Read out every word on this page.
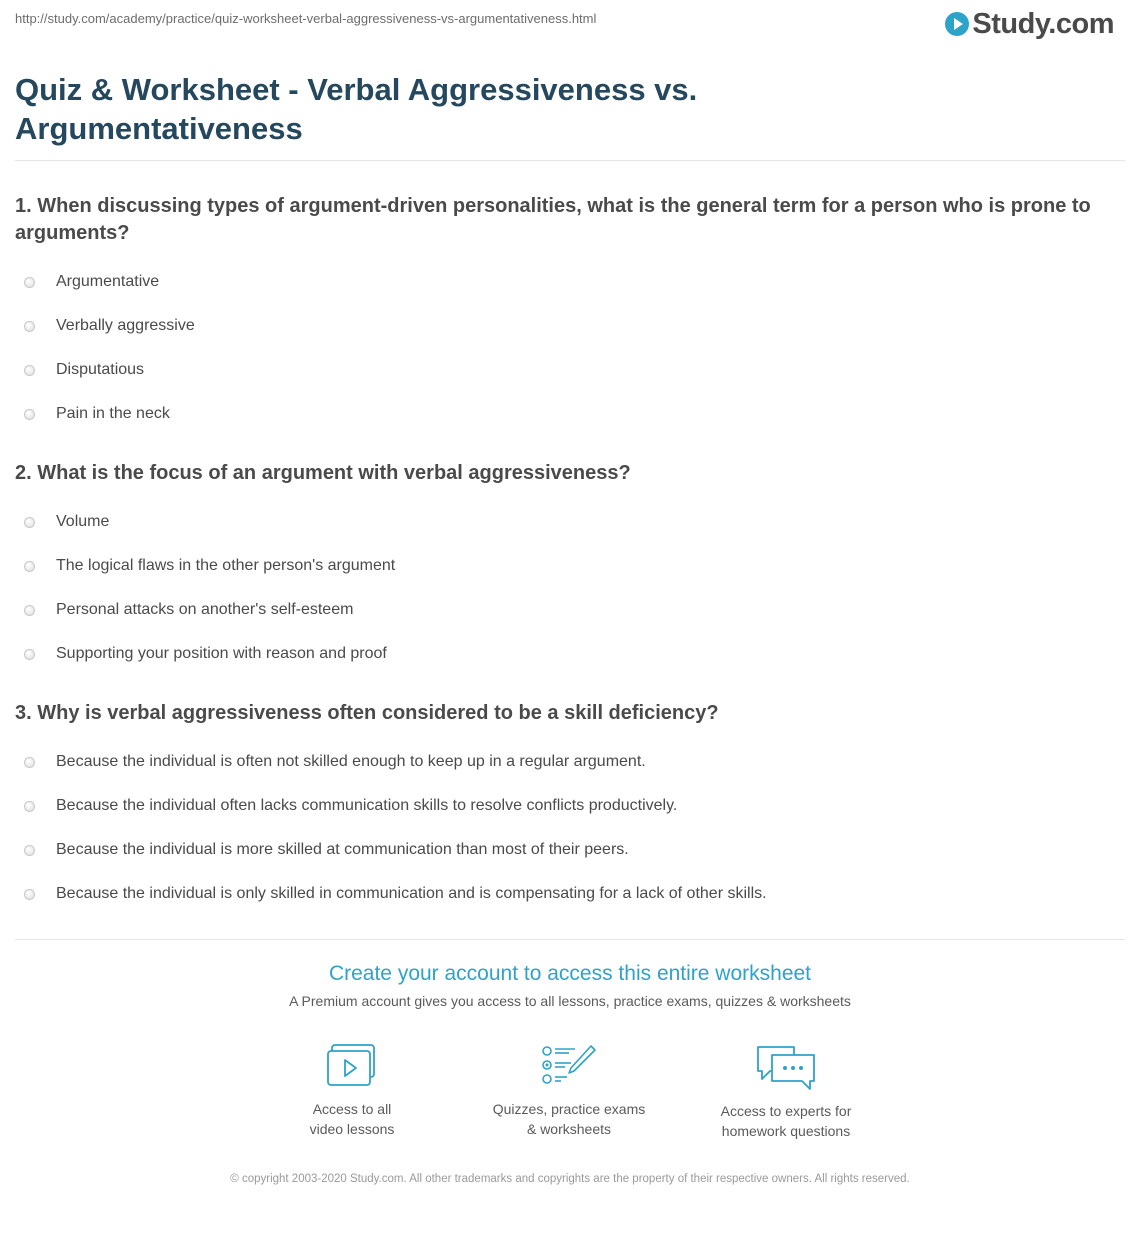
http://study.com/academy/practice/quiz-worksheet-verbal-aggressiveness-vs-argumentativeness.html	Study.com
Quiz & Worksheet - Verbal Aggressiveness vs. Argumentativeness
1. When discussing types of argument-driven personalities, what is the general term for a person who is prone to arguments?
Argumentative
Verbally aggressive
Disputatious
Pain in the neck
2. What is the focus of an argument with verbal aggressiveness?
Volume
The logical flaws in the other person's argument
Personal attacks on another's self-esteem
Supporting your position with reason and proof
3. Why is verbal aggressiveness often considered to be a skill deficiency?
Because the individual is often not skilled enough to keep up in a regular argument.
Because the individual often lacks communication skills to resolve conflicts productively.
Because the individual is more skilled at communication than most of their peers.
Because the individual is only skilled in communication and is compensating for a lack of other skills.
Create your account to access this entire worksheet
A Premium account gives you access to all lessons, practice exams, quizzes & worksheets
Access to all
video lessons
Quizzes, practice exams
& worksheets
Access to experts for
homework questions
© copyright 2003-2020 Study.com. All other trademarks and copyrights are the property of their respective owners. All rights reserved.
